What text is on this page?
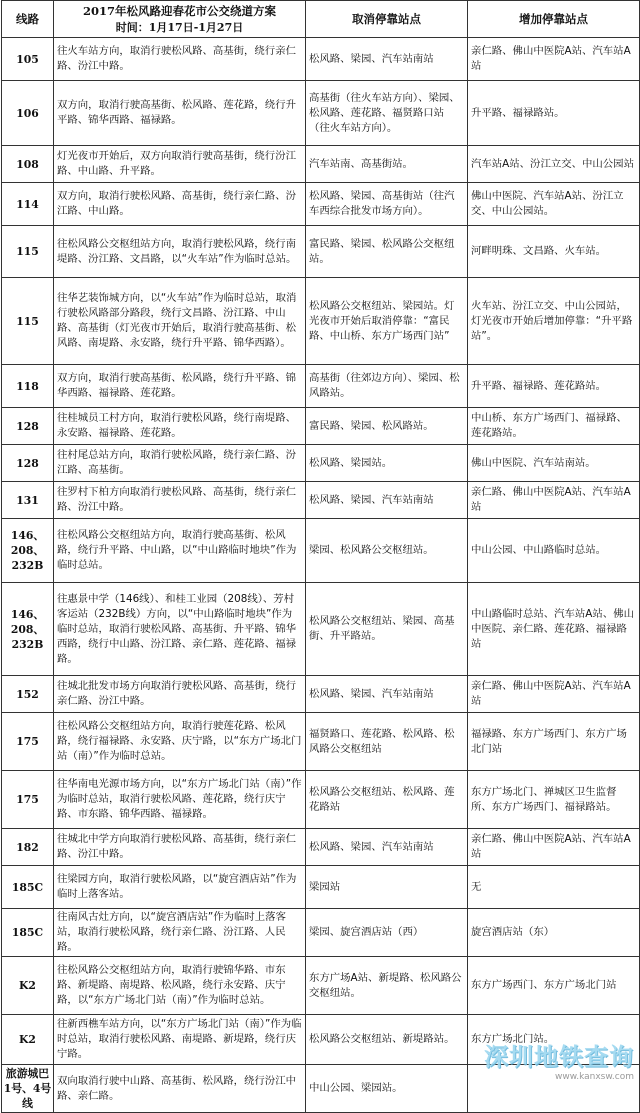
线路	2017年松风路迎春花市公交绕道方案
时间：1月17日-1月27日	取消停靠站点	增加停靠站点
105	往火车站方向，取消行驶松风路、高基街，绕行亲仁路、汾江中路。	松风路、梁园、汽车站南站	亲仁路、佛山中医院A站、汽车站A站
106	双方向，取消行驶高基街、松风路、莲花路，绕行升平路、锦华西路、福禄路。	高基街（往火车站方向）、梁园、松风路、莲花路、福贤路口站（往火车站方向）。	升平路、福禄路站。
108	灯光夜市开始后，双方向取消行驶高基街，绕行汾江路、中山路、升平路。	汽车站南、高基街站。	汽车站A站、汾江立交、中山公园站
114	双方向，取消行驶松风路、高基街，绕行亲仁路、汾江路、中山路。	松风路、梁园、高基街站（往汽车西综合批发市场方向）。	佛山中医院、汽车站A站、汾江立交、中山公园站。
115	往松风路公交枢纽站方向，取消行驶松风路，绕行南堤路、汾江路、文昌路，以“火车站”作为临时总站。	富民路、梁园、松风路公交枢纽站。	河畔明珠、文昌路、火车站。
115	往华艺装饰城方向，以“火车站”作为临时总站，取消行驶松风路部分路段，绕行文昌路、汾江路、中山路、高基街（灯光夜市开始后，取消行驶高基街、松风路、南堤路、永安路，绕行升平路、锦华西路）。	松风路公交枢纽站、梁园站。灯光夜市开始后取消停靠：“富民路、中山桥、东方广场西门站”	火车站、汾江立交、中山公园站，灯光夜市开始后增加停靠：“升平路站”。
118	双方向，取消行驶高基街、松风路，绕行升平路、锦华西路、福禄路、莲花路。	高基街（往郊边方向）、梁园、松风路站。	升平路、福禄路、莲花路站。
128	往桂城员工村方向，取消行驶松风路，绕行南堤路、永安路、福禄路、莲花路。	富民路、梁园、松风路站。	中山桥、东方广场西门、福禄路、莲花路站。
128	往村尾总站方向，取消行驶松风路，绕行亲仁路、汾江路、高基街。	松风路、梁园站。	佛山中医院、汽车站南站。
131	往罗村下柏方向取消行驶松风路、高基街，绕行亲仁路、汾江中路。	松风路、梁园、汽车站南站	亲仁路、佛山中医院A站、汽车站A站
146、208、232B	往松风路公交枢纽站方向，取消行驶高基街、松风路，绕行升平路、中山路，以“中山路临时地块”作为临时总站。	梁园、松风路公交枢纽站。	中山公园、中山路临时总站。
146、208、232B	往惠景中学（146线）、和桂工业园（208线）、芳村客运站（232B线）方向，以“中山路临时地块”作为临时总站，取消行驶松风路、高基街、升平路、锦华西路，绕行中山路、汾江路、亲仁路、莲花路、福禄路。	松风路公交枢纽站、梁园、高基街、升平路站。	中山路临时总站、汽车站A站、佛山中医院、亲仁路、莲花路、福禄路站
152	往城北批发市场方向取消行驶松风路、高基街，绕行亲仁路、汾江中路。	松风路、梁园、汽车站南站	亲仁路、佛山中医院A站、汽车站A站
175	往松风路公交枢纽站方向，取消行驶莲花路、松风路，绕行福禄路、永安路、庆宁路，以“东方广场北门站（南）”作为临时总站。	福贤路口、莲花路、松风路、松风路公交枢纽站	福禄路、东方广场西门、东方广场北门站
175	往华南电光源市场方向，以“东方广场北门站（南）”作为临时总站，取消行驶松风路、莲花路，绕行庆宁路、市东路、锦华西路、福禄路。	松风路公交枢纽站、松风路、莲花路站	东方广场北门、禅城区卫生监督所、东方广场西门、福禄路站。
182	往城北中学方向取消行驶松风路、高基街，绕行亲仁路、汾江中路。	松风路、梁园、汽车站南站	亲仁路、佛山中医院A站、汽车站A站
185C	往梁园方向，取消行驶松风路，以“旋宫酒店站”作为临时上落客站。	梁园站	无
185C	往南风古灶方向，以“旋宫酒店站”作为临时上落客站，取消行驶松风路，绕行亲仁路、汾江路、人民路。	梁园、旋宫酒店站（西）	旋宫酒店站（东）
K2	往松风路公交枢纽站方向，取消行驶锦华路、市东路、新堤路、南堤路、松风路，绕行永安路、庆宁路，以“东方广场北门站（南）”作为临时总站。	东方广场A站、新堤路、松风路公交枢纽站。	东方广场西门、东方广场北门站
K2	往新西樵车站方向，以“东方广场北门站（南）”作为临时总站，取消行驶松风路、南堤路、新堤路，绕行庆宁路。	松风路公交枢纽站、新堤路站。	东方广场北门站。
旅游城巴1号、4号线	双向取消行驶中山路、高基街、松风路，绕行汾江中路、亲仁路。	中山公园、梁园站。	
深圳地铁查询
www.kanxsw.com
